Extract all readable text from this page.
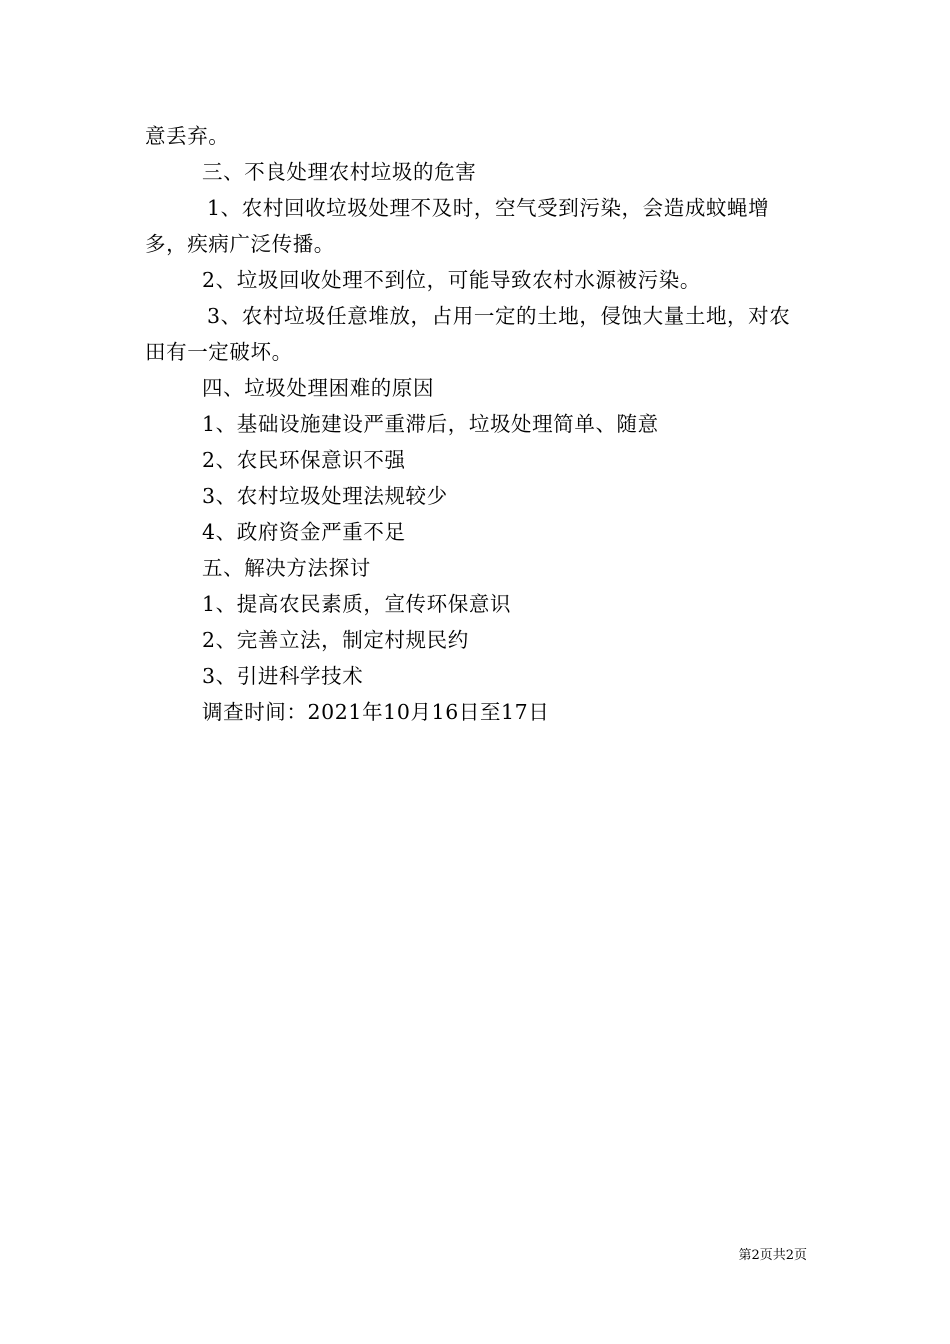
意丢弃。

三、不良处理农村垃圾的危害

1、农村回收垃圾处理不及时，空气受到污染，会造成蚊蝇增多，疾病广泛传播。

2、垃圾回收处理不到位，可能导致农村水源被污染。

3、农村垃圾任意堆放，占用一定的土地，侵蚀大量土地，对农田有一定破坏。

四、垃圾处理困难的原因

1、基础设施建设严重滞后，垃圾处理简单、随意

2、农民环保意识不强

3、农村垃圾处理法规较少

4、政府资金严重不足

五、解决方法探讨

1、提高农民素质，宣传环保意识

2、完善立法，制定村规民约

3、引进科学技术

调查时间：2021年10月16日至17日

第2页共2页
